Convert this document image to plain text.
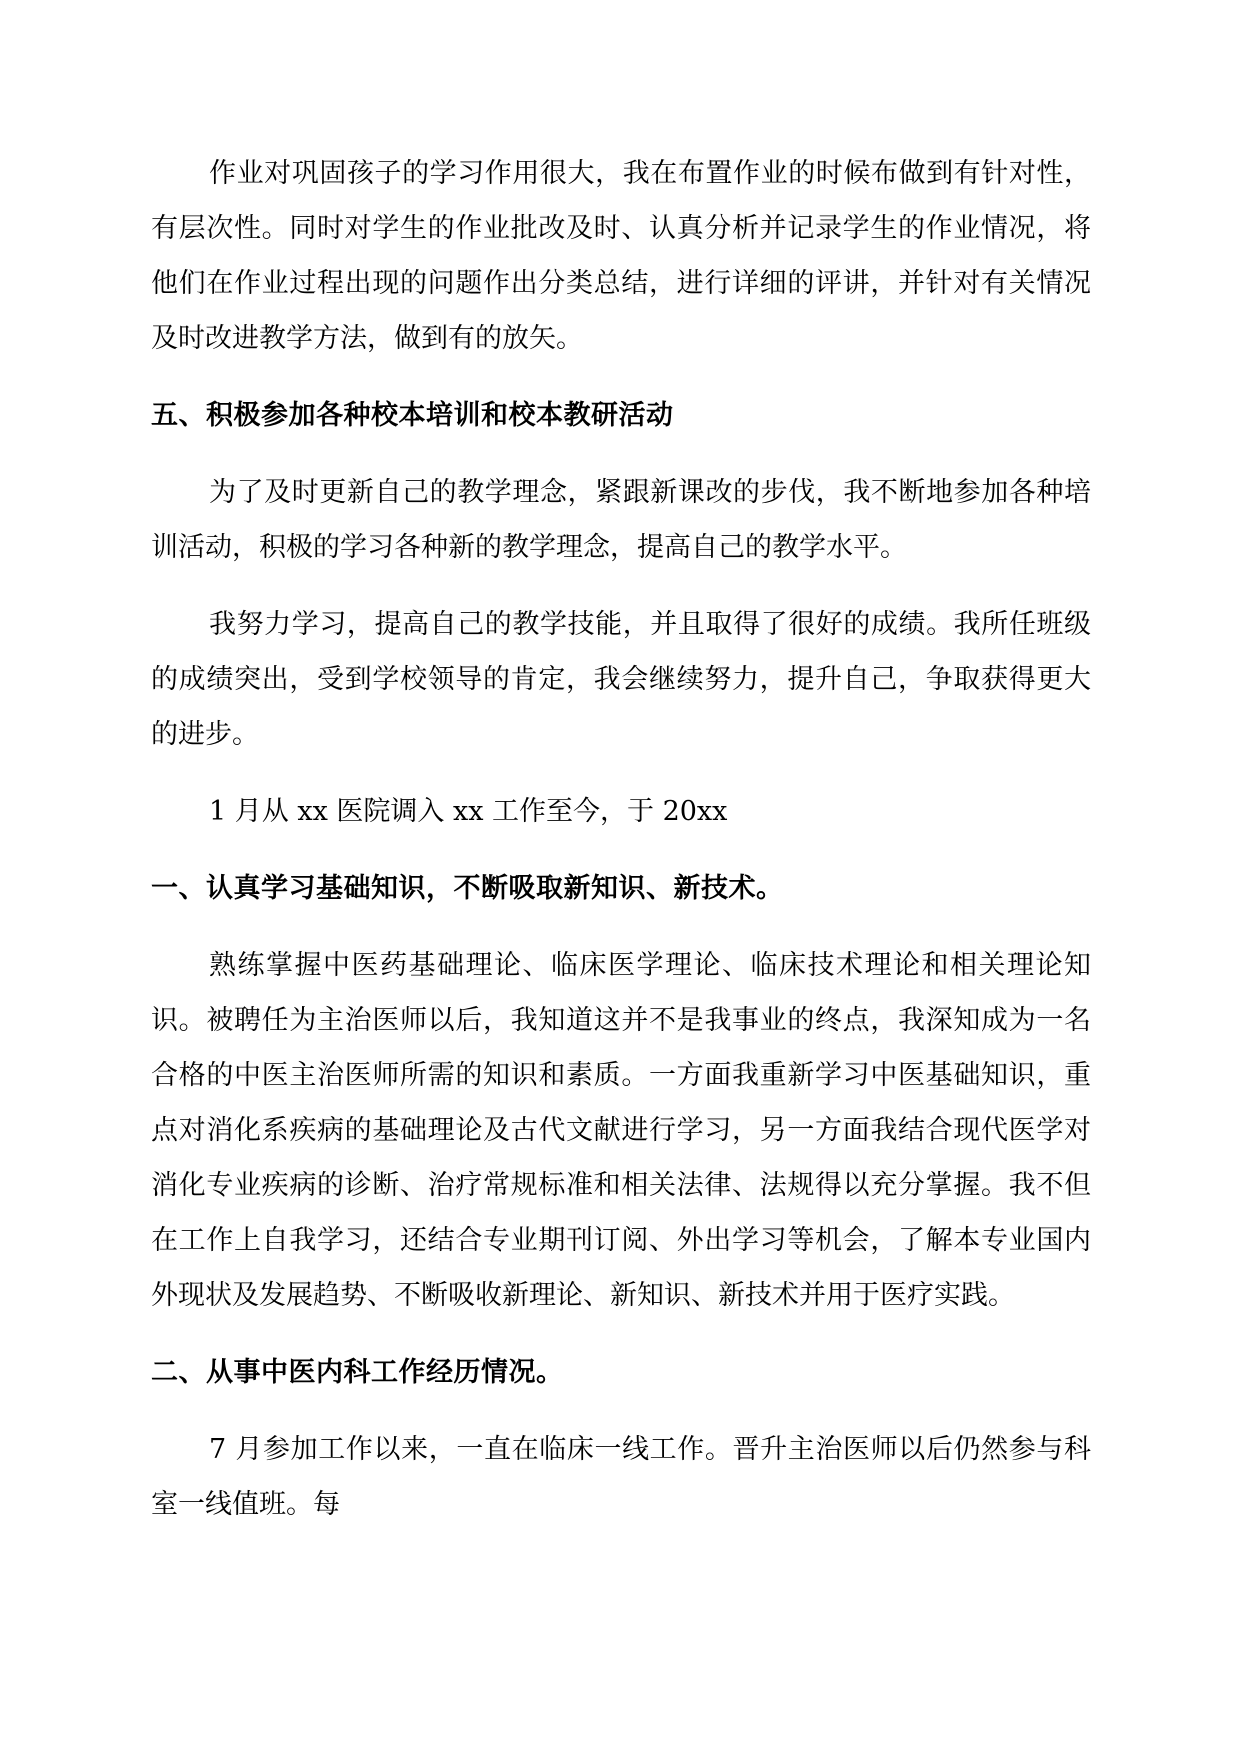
作业对巩固孩子的学习作用很大，我在布置作业的时候布做到有针对性，有层次性。同时对学生的作业批改及时、认真分析并记录学生的作业情况，将他们在作业过程出现的问题作出分类总结，进行详细的评讲，并针对有关情况及时改进教学方法，做到有的放矢。

五、积极参加各种校本培训和校本教研活动

为了及时更新自己的教学理念，紧跟新课改的步伐，我不断地参加各种培训活动，积极的学习各种新的教学理念，提高自己的教学水平。

我努力学习，提高自己的教学技能，并且取得了很好的成绩。我所任班级的成绩突出，受到学校领导的肯定，我会继续努力，提升自己，争取获得更大的进步。

1 月从 xx 医院调入 xx 工作至今，于 20xx

一、认真学习基础知识，不断吸取新知识、新技术。

熟练掌握中医药基础理论、临床医学理论、临床技术理论和相关理论知识。被聘任为主治医师以后，我知道这并不是我事业的终点，我深知成为一名合格的中医主治医师所需的知识和素质。一方面我重新学习中医基础知识，重点对消化系疾病的基础理论及古代文献进行学习，另一方面我结合现代医学对消化专业疾病的诊断、治疗常规标准和相关法律、法规得以充分掌握。我不但在工作上自我学习，还结合专业期刊订阅、外出学习等机会，了解本专业国内外现状及发展趋势、不断吸收新理论、新知识、新技术并用于医疗实践。

二、从事中医内科工作经历情况。

7 月参加工作以来，一直在临床一线工作。晋升主治医师以后仍然参与科室一线值班。每
